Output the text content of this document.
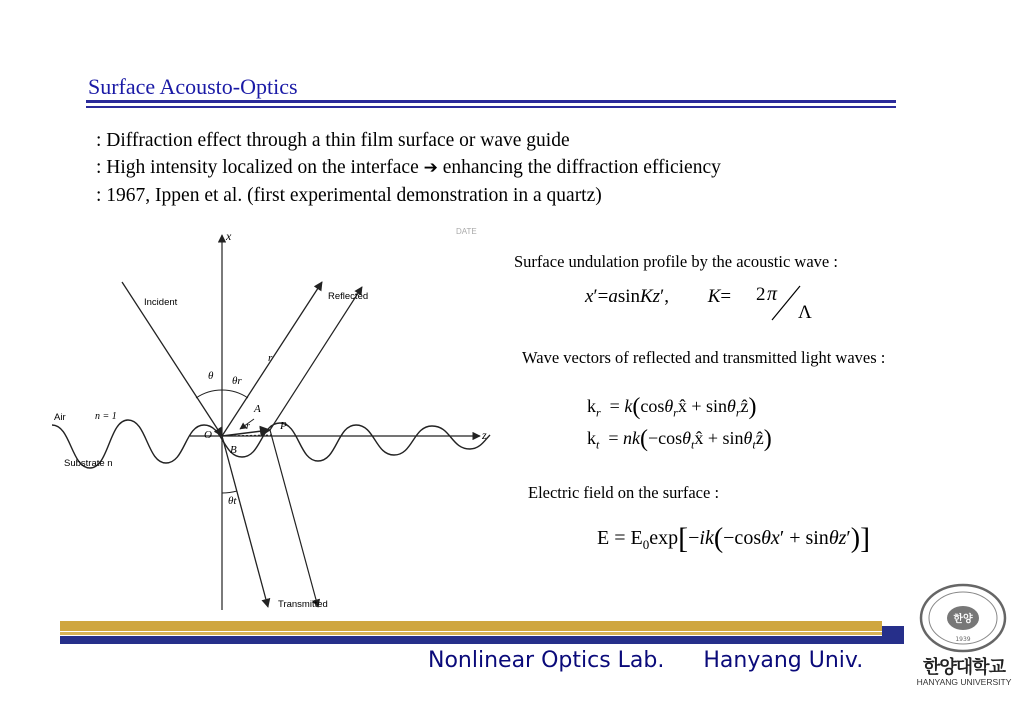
Surface Acousto-Optics
: Diffraction effect through a thin film surface or wave guide
: High intensity localized on the interface ➔ enhancing the diffraction efficiency
: 1967, Ippen et al. (first experimental demonstration in a quartz)
x
z
Incident
Reflected
Transmitted
Air	n = 1
Substrate n
O
A
B
P
r
r
θ θr
θt
DATE
Surface undulation profile by the acoustic wave :
x′=asinKz′, K= 2 π
Λ
Wave vectors of reflected and transmitted light waves :
$k_r$  = k(cosθ$_r$x̂ + sinθ$_r$ẑ)
$k_t$  = nk(−cosθ$_t$x̂ + sinθ$_t$ẑ)
Electric field on the surface :
$E = E_0\exp[-ik(-\cos\theta x' + \sin\theta z')]$
Nonlinear Optics Lab. Hanyang Univ.
한양
1939
한양대학교
HANYANG UNIVERSITY
